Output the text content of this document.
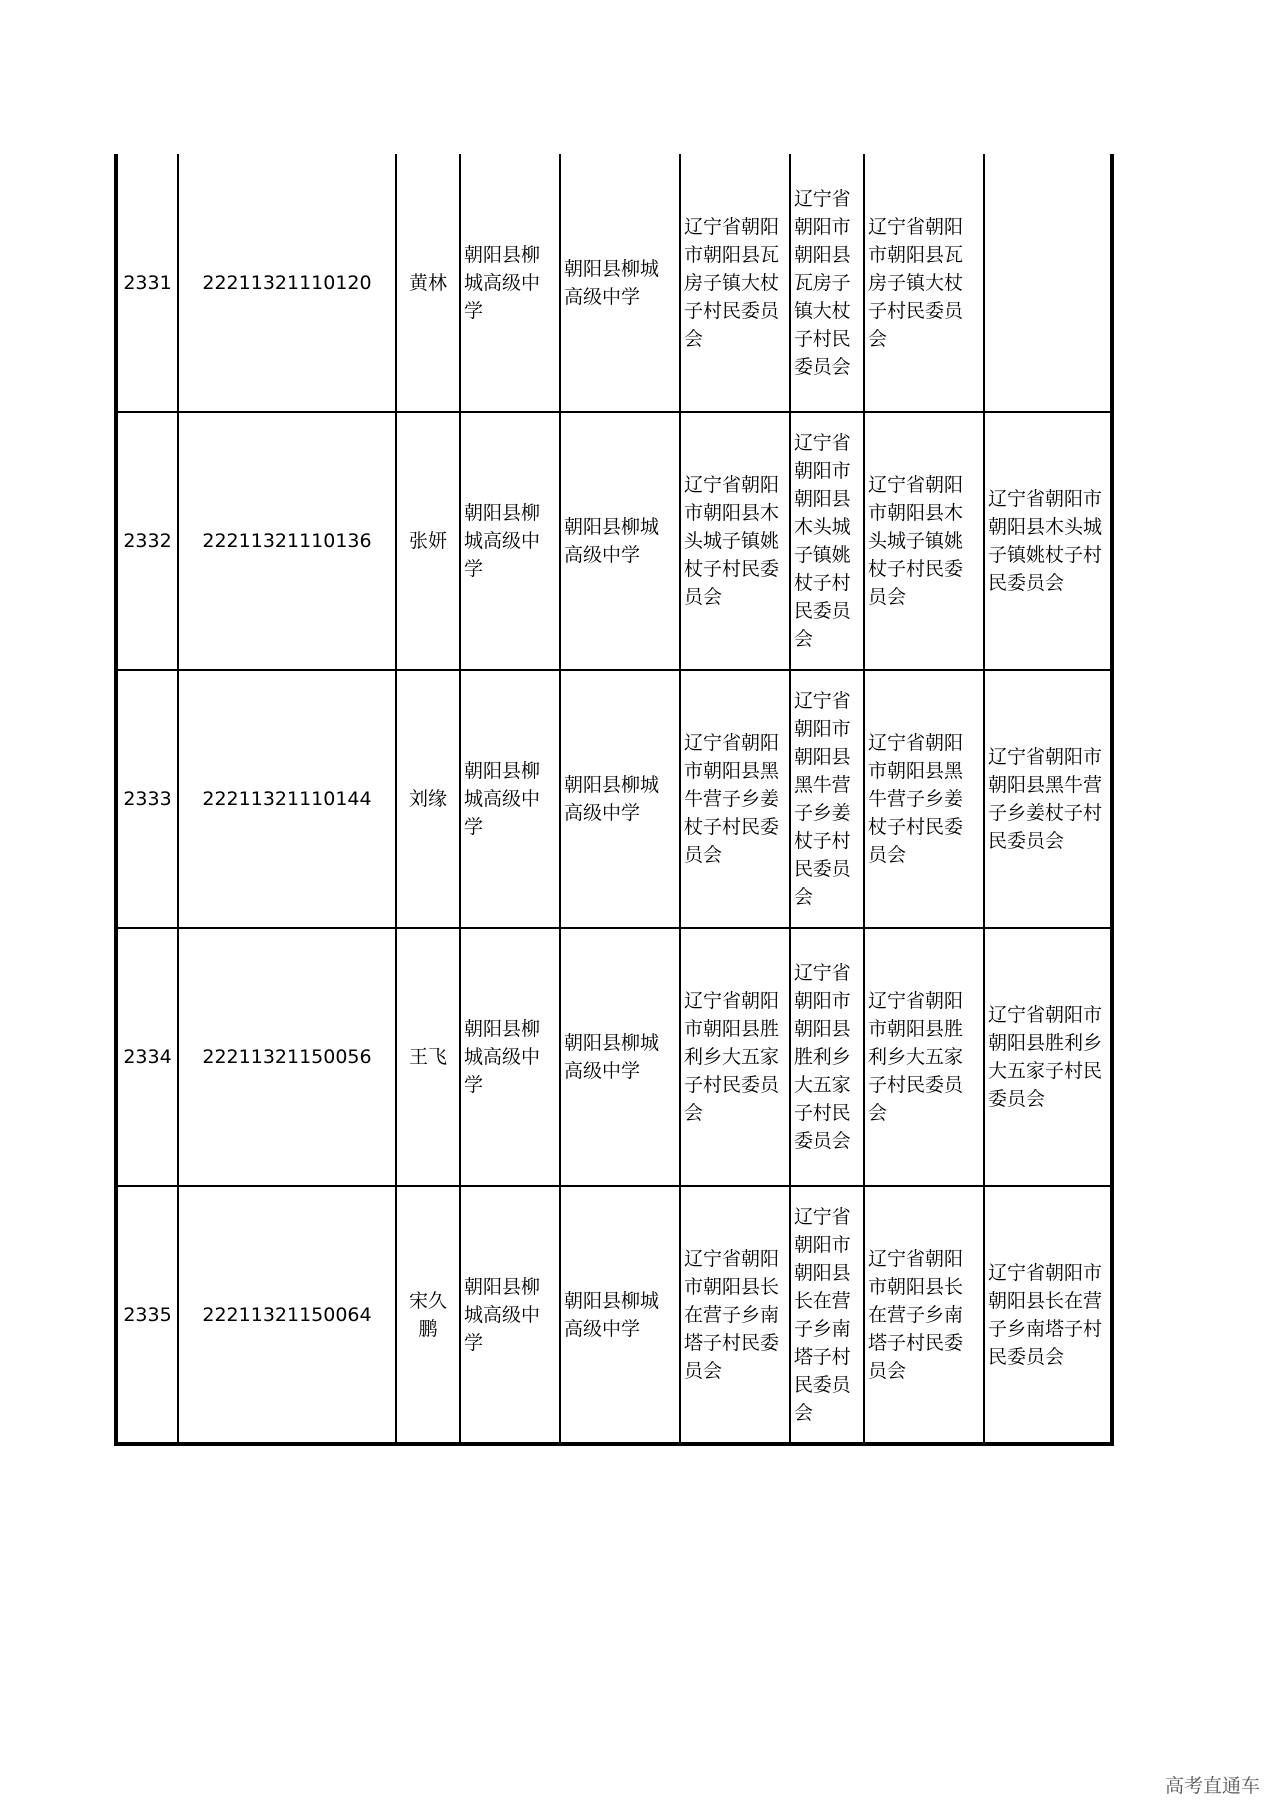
2331	22211321110120	黄林	朝阳县柳城高级中学	朝阳县柳城高级中学	辽宁省朝阳市朝阳县瓦房子镇大杖子村民委员会	辽宁省朝阳市朝阳县瓦房子镇大杖子村民委员会	辽宁省朝阳市朝阳县瓦房子镇大杖子村民委员会	
2332	22211321110136	张妍	朝阳县柳城高级中学	朝阳县柳城高级中学	辽宁省朝阳市朝阳县木头城子镇姚杖子村民委员会	辽宁省朝阳市朝阳县木头城子镇姚杖子村民委员会	辽宁省朝阳市朝阳县木头城子镇姚杖子村民委员会	辽宁省朝阳市朝阳县木头城子镇姚杖子村民委员会
2333	22211321110144	刘缘	朝阳县柳城高级中学	朝阳县柳城高级中学	辽宁省朝阳市朝阳县黑牛营子乡姜杖子村民委员会	辽宁省朝阳市朝阳县黑牛营子乡姜杖子村民委员会	辽宁省朝阳市朝阳县黑牛营子乡姜杖子村民委员会	辽宁省朝阳市朝阳县黑牛营子乡姜杖子村民委员会
2334	22211321150056	王飞	朝阳县柳城高级中学	朝阳县柳城高级中学	辽宁省朝阳市朝阳县胜利乡大五家子村民委员会	辽宁省朝阳市朝阳县胜利乡大五家子村民委员会	辽宁省朝阳市朝阳县胜利乡大五家子村民委员会	辽宁省朝阳市朝阳县胜利乡大五家子村民委员会
2335	22211321150064	宋久鹏	朝阳县柳城高级中学	朝阳县柳城高级中学	辽宁省朝阳市朝阳县长在营子乡南塔子村民委员会	辽宁省朝阳市朝阳县长在营子乡南塔子村民委员会	辽宁省朝阳市朝阳县长在营子乡南塔子村民委员会	辽宁省朝阳市朝阳县长在营子乡南塔子村民委员会
高考直通车
